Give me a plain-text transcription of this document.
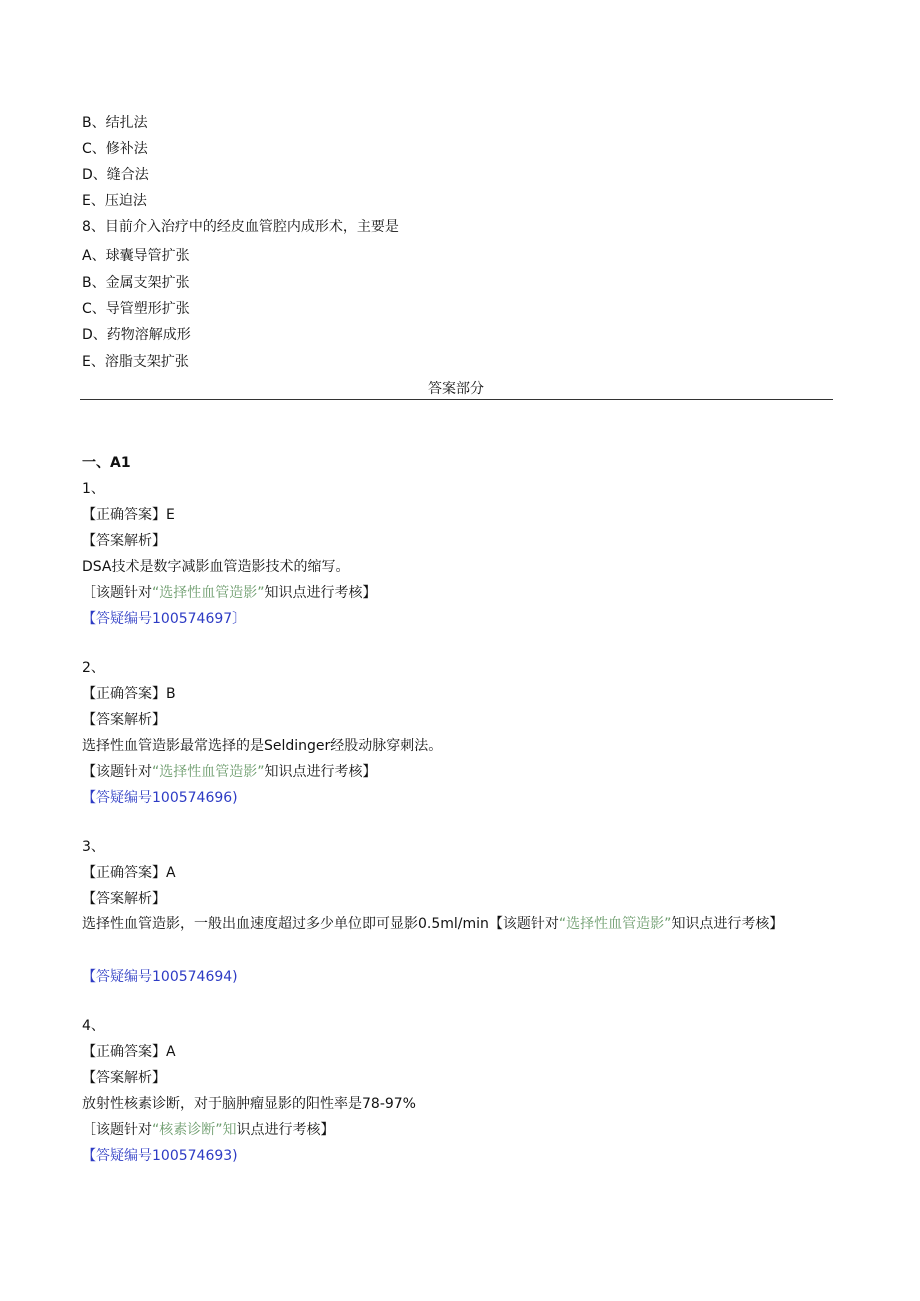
B、结扎法
C、修补法
D、缝合法
E、压迫法
8、目前介入治疗中的经皮血管腔内成形术，主要是
A、球囊导管扩张
B、金属支架扩张
C、导管塑形扩张
D、药物溶解成形
E、溶脂支架扩张
答案部分
一、A1
1、
【正确答案】E
【答案解析】
DSA技术是数字减影血管造影技术的缩写。
［该题针对“选择性血管造影”知识点进行考核】
【答疑编号100574697〕
2、
【正确答案】B
【答案解析】
选择性血管造影最常选择的是Seldinger经股动脉穿刺法。
【该题针对“选择性血管造影”知识点进行考核】
【答疑编号100574696)
3、
【正确答案】A
【答案解析】
选择性血管造影，一般出血速度超过多少单位即可显影0.5ml/min【该题针对“选择性血管造影”知识点进行考核】
【答疑编号100574694)
4、
【正确答案】A
【答案解析】
放射性核素诊断，对于脑肿瘤显影的阳性率是78-97%
［该题针对“核素诊断”知识点进行考核】
【答疑编号100574693)
